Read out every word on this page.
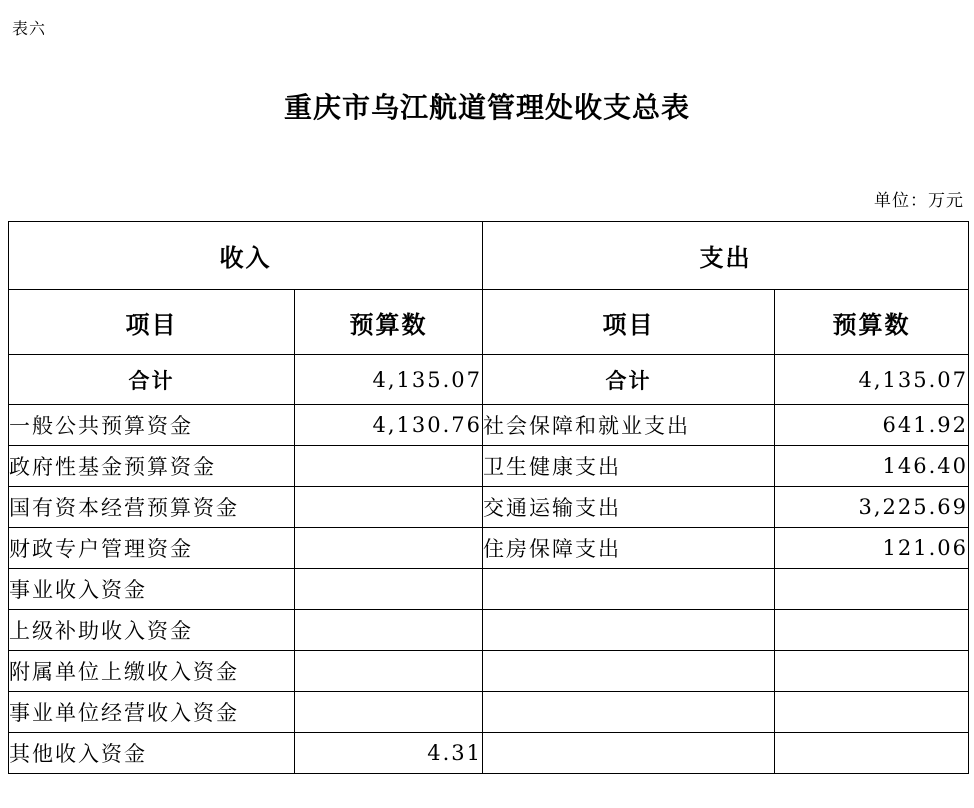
表六
重庆市乌江航道管理处收支总表
单位：万元
收入		支出	
项目	预算数	项目	预算数
合计	4,135.07	合计	4,135.07
一般公共预算资金	4,130.76	社会保障和就业支出	641.92
政府性基金预算资金		卫生健康支出	146.40
国有资本经营预算资金		交通运输支出	3,225.69
财政专户管理资金		住房保障支出	121.06
事业收入资金			
上级补助收入资金			
附属单位上缴收入资金			
事业单位经营收入资金			
其他收入资金	4.31		
